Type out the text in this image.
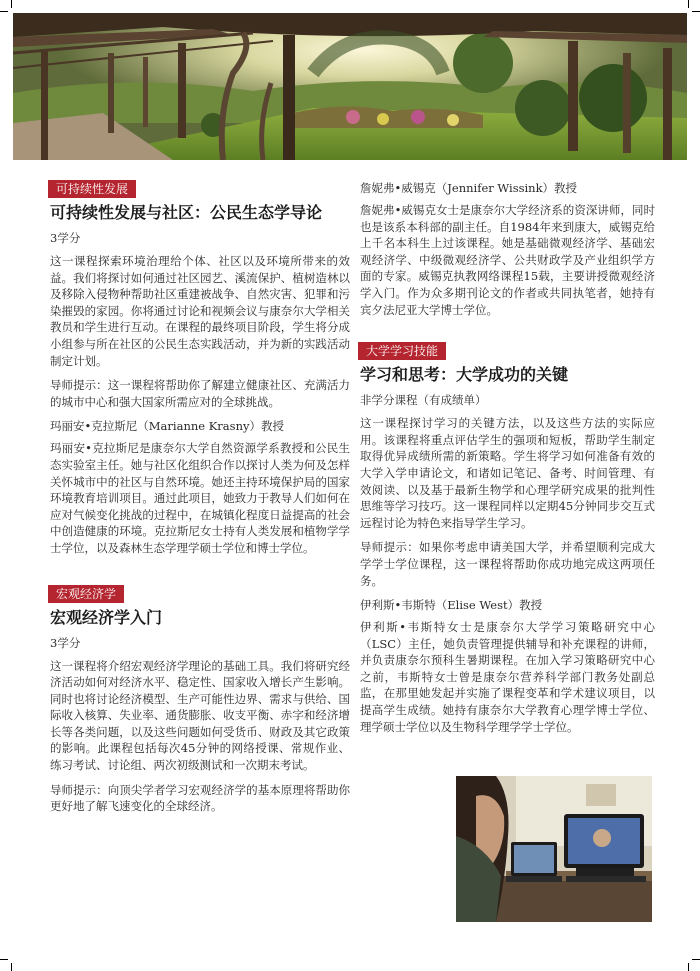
可持续性发展
可持续性发展与社区：公民生态学导论
3学分
这一课程探索环境治理给个体、社区以及环境所带来的效益。我们将探讨如何通过社区园艺、溪流保护、植树造林以及移除入侵物种帮助社区重建被战争、自然灾害、犯罪和污染摧毁的家园。你将通过讨论和视频会议与康奈尔大学相关教员和学生进行互动。在课程的最终项目阶段，学生将分成小组参与所在社区的公民生态实践活动，并为新的实践活动制定计划。
导师提示：这一课程将帮助你了解建立健康社区、充满活力的城市中心和强大国家所需应对的全球挑战。
玛丽安•克拉斯尼（Marianne Krasny）教授
玛丽安•克拉斯尼是康奈尔大学自然资源学系教授和公民生态实验室主任。她与社区化组织合作以探讨人类为何及怎样关怀城市中的社区与自然环境。她还主持环境保护局的国家环境教育培训项目。通过此项目，她致力于教导人们如何在应对气候变化挑战的过程中，在城镇化程度日益提高的社会中创造健康的环境。克拉斯尼女士持有人类发展和植物学学士学位，以及森林生态学理学硕士学位和博士学位。
宏观经济学
宏观经济学入门
3学分
这一课程将介绍宏观经济学理论的基础工具。我们将研究经济活动如何对经济水平、稳定性、国家收入增长产生影响。同时也将讨论经济模型、生产可能性边界、需求与供给、国际收入核算、失业率、通货膨胀、收支平衡、赤字和经济增长等各类问题，以及这些问题如何受货币、财政及其它政策的影响。此课程包括每次45分钟的网络授课、常规作业、练习考试、讨论组、两次初级测试和一次期末考试。
导师提示：向顶尖学者学习宏观经济学的基本原理将帮助你更好地了解飞速变化的全球经济。
詹妮弗•威锡克（Jennifer Wissink）教授
詹妮弗•威锡克女士是康奈尔大学经济系的资深讲师，同时也是该系本科部的副主任。自1984年来到康大，威锡克给上千名本科生上过该课程。她是基础微观经济学、基础宏观经济学、中级微观经济学、公共财政学及产业组织学方面的专家。威锡克执教网络课程15载，主要讲授微观经济学入门。作为众多期刊论文的作者或共同执笔者，她持有宾夕法尼亚大学博士学位。
大学学习技能
学习和思考：大学成功的关键
非学分课程（有成绩单）
这一课程探讨学习的关键方法，以及这些方法的实际应用。该课程将重点评估学生的强项和短板，帮助学生制定取得优异成绩所需的新策略。学生将学习如何准备有效的大学入学申请论文，和诸如记笔记、备考、时间管理、有效阅读、以及基于最新生物学和心理学研究成果的批判性思维等学习技巧。这一课程同样以定期45分钟同步交互式远程讨论为特色来指导学生学习。
导师提示：如果你考虑申请美国大学，并希望顺利完成大学学士学位课程，这一课程将帮助你成功地完成这两项任务。
伊利斯•韦斯特（Elise West）教授
伊利斯•韦斯特女士是康奈尔大学学习策略研究中心（LSC）主任，她负责管理提供辅导和补充课程的讲师，并负责康奈尔预科生暑期课程。在加入学习策略研究中心之前，韦斯特女士曾是康奈尔营养科学部门教务处副总监，在那里她发起并实施了课程变革和学术建议项目，以提高学生成绩。她持有康奈尔大学教育心理学博士学位、理学硕士学位以及生物科学理学学士学位。
